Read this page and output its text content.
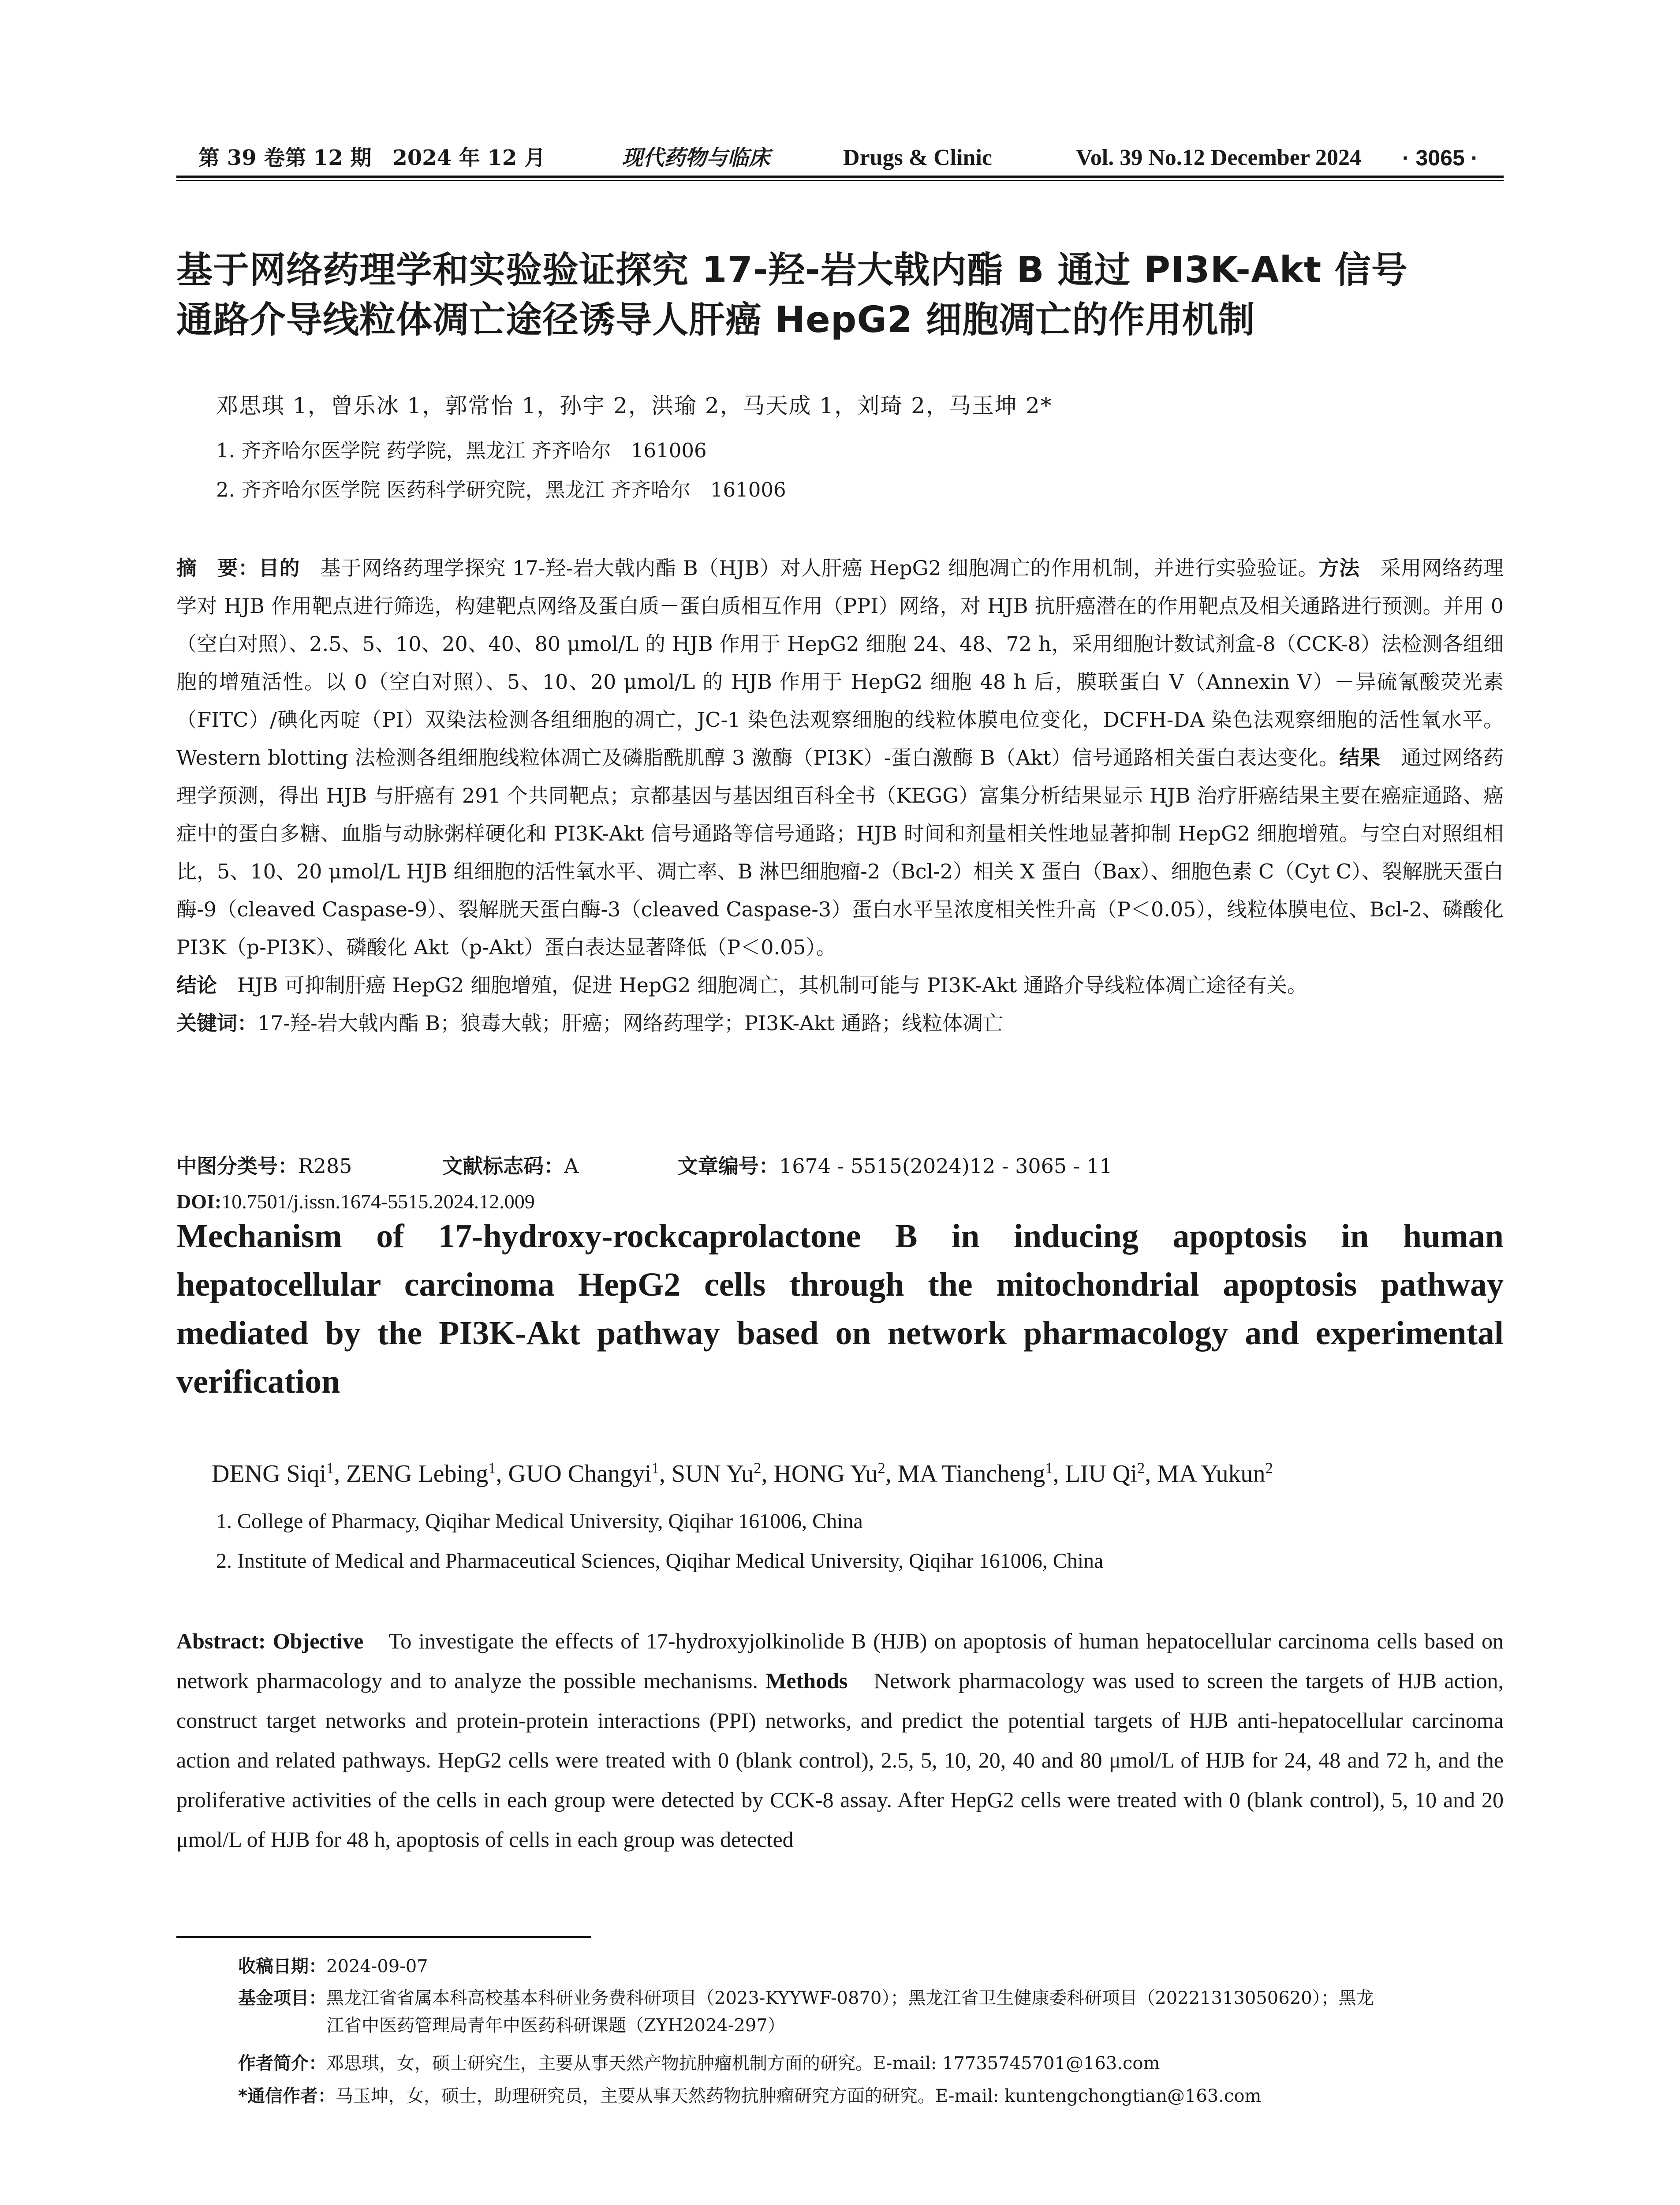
第 39 卷第 12 期　2024 年 12 月	现代药物与临床	Drugs & Clinic	Vol. 39 No.12 December 2024 · 3065 ·
基于网络药理学和实验验证探究 17-羟-岩大戟内酯 B 通过 PI3K-Akt 信号
通路介导线粒体凋亡途径诱导人肝癌 HepG2 细胞凋亡的作用机制
邓思琪 1，曾乐冰 1，郭常怡 1，孙宇 2，洪瑜 2，马天成 1，刘琦 2，马玉坤 2*
1. 齐齐哈尔医学院 药学院，黑龙江 齐齐哈尔　161006
2. 齐齐哈尔医学院 医药科学研究院，黑龙江 齐齐哈尔　161006
摘　要：目的　基于网络药理学探究 17-羟-岩大戟内酯 B（HJB）对人肝癌 HepG2 细胞凋亡的作用机制，并进行实验验证。方法　采用网络药理学对 HJB 作用靶点进行筛选，构建靶点网络及蛋白质－蛋白质相互作用（PPI）网络，对 HJB 抗肝癌潜在的作用靶点及相关通路进行预测。并用 0（空白对照）、2.5、5、10、20、40、80 μmol/L 的 HJB 作用于 HepG2 细胞 24、48、72 h，采用细胞计数试剂盒-8（CCK-8）法检测各组细胞的增殖活性。以 0（空白对照）、5、10、20 μmol/L 的 HJB 作用于 HepG2 细胞 48 h 后，膜联蛋白 V（Annexin V）－异硫氰酸荧光素（FITC）/碘化丙啶（PI）双染法检测各组细胞的凋亡，JC-1 染色法观察细胞的线粒体膜电位变化，DCFH-DA 染色法观察细胞的活性氧水平。Western blotting 法检测各组细胞线粒体凋亡及磷脂酰肌醇 3 激酶（PI3K）-蛋白激酶 B（Akt）信号通路相关蛋白表达变化。结果　通过网络药理学预测，得出 HJB 与肝癌有 291 个共同靶点；京都基因与基因组百科全书（KEGG）富集分析结果显示 HJB 治疗肝癌结果主要在癌症通路、癌症中的蛋白多糖、血脂与动脉粥样硬化和 PI3K-Akt 信号通路等信号通路；HJB 时间和剂量相关性地显著抑制 HepG2 细胞增殖。与空白对照组相比，5、10、20 μmol/L HJB 组细胞的活性氧水平、凋亡率、B 淋巴细胞瘤-2（Bcl-2）相关 X 蛋白（Bax）、细胞色素 C（Cyt C）、裂解胱天蛋白酶-9（cleaved Caspase-9）、裂解胱天蛋白酶-3（cleaved Caspase-3）蛋白水平呈浓度相关性升高（P＜0.05），线粒体膜电位、Bcl-2、磷酸化 PI3K（p-PI3K）、磷酸化 Akt（p-Akt）蛋白表达显著降低（P＜0.05）。
结论　HJB 可抑制肝癌 HepG2 细胞增殖，促进 HepG2 细胞凋亡，其机制可能与 PI3K-Akt 通路介导线粒体凋亡途径有关。
关键词：17-羟-岩大戟内酯 B；狼毒大戟；肝癌；网络药理学；PI3K-Akt 通路；线粒体凋亡
中图分类号：R285	文献标志码：A	文章编号：1674 - 5515(2024)12 - 3065 - 11
DOI:10.7501/j.issn.1674-5515.2024.12.009
Mechanism of 17-hydroxy-rockcaprolactone B in inducing apoptosis in human hepatocellular carcinoma HepG2 cells through the mitochondrial apoptosis pathway mediated by the PI3K-Akt pathway based on network pharmacology and experimental verification
DENG Siqi$^1$, ZENG Lebing$^1$, GUO Changyi$^1$, SUN Yu$^2$, HONG Yu$^2$, MA Tiancheng$^1$, LIU Qi$^2$, MA Yukun$^2$
1. College of Pharmacy, Qiqihar Medical University, Qiqihar 161006, China
2. Institute of Medical and Pharmaceutical Sciences, Qiqihar Medical University, Qiqihar 161006, China
Abstract: Objective　To investigate the effects of 17-hydroxyjolkinolide B (HJB) on apoptosis of human hepatocellular carcinoma cells based on network pharmacology and to analyze the possible mechanisms. Methods　Network pharmacology was used to screen the targets of HJB action, construct target networks and protein-protein interactions (PPI) networks, and predict the potential targets of HJB anti-hepatocellular carcinoma action and related pathways. HepG2 cells were treated with 0 (blank control), 2.5, 5, 10, 20, 40 and 80 μmol/L of HJB for 24, 48 and 72 h, and the proliferative activities of the cells in each group were detected by CCK-8 assay. After HepG2 cells were treated with 0 (blank control), 5, 10 and 20 μmol/L of HJB for 48 h, apoptosis of cells in each group was detected
收稿日期：2024-09-07
基金项目：黑龙江省省属本科高校基本科研业务费科研项目（2023-KYYWF-0870）；黑龙江省卫生健康委科研项目（20221313050620）；黑龙
江省中医药管理局青年中医药科研课题（ZYH2024-297）
作者简介：邓思琪，女，硕士研究生，主要从事天然产物抗肿瘤机制方面的研究。E-mail: 17735745701@163.com
*通信作者：马玉坤，女，硕士，助理研究员，主要从事天然药物抗肿瘤研究方面的研究。E-mail: kuntengchongtian@163.com
